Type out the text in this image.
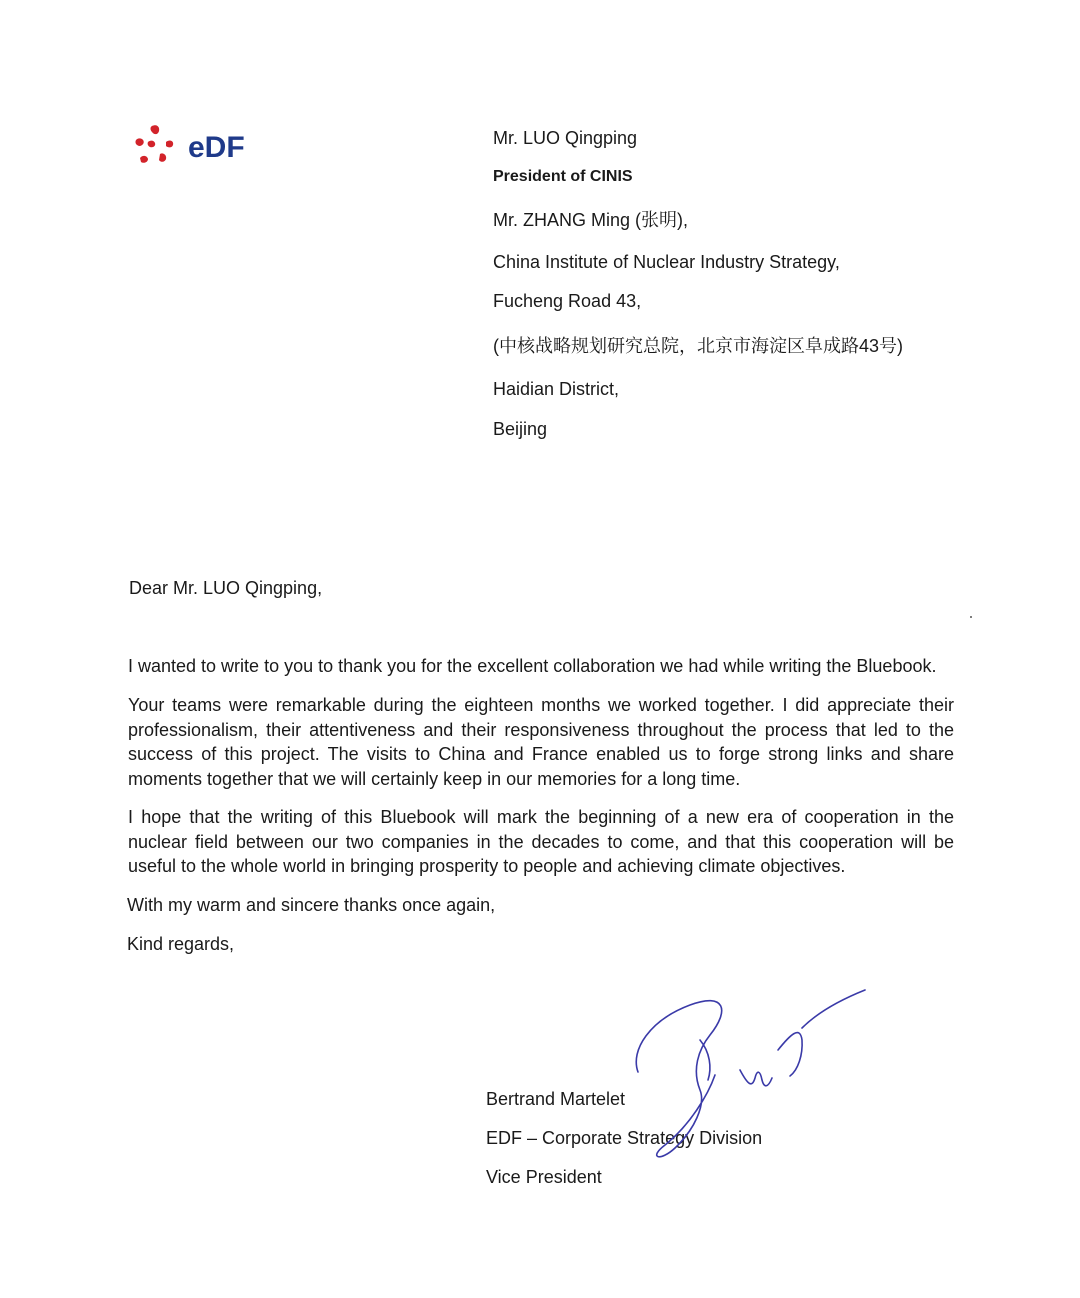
eDF	Mr. LUO Qingping
President of CINIS
Mr. ZHANG Ming (张明),
China Institute of Nuclear Industry Strategy,
Fucheng Road 43,
(中核战略规划研究总院，北京市海淀区阜成路43号)
Haidian District,
Beijing
Dear Mr. LUO Qingping,

I wanted to write to you to thank you for the excellent collaboration we had while writing the Bluebook.

Your teams were remarkable during the eighteen months we worked together. I did appreciate their professionalism, their attentiveness and their responsiveness throughout the process that led to the success of this project. The visits to China and France enabled us to forge strong links and share moments together that we will certainly keep in our memories for a long time.

I hope that the writing of this Bluebook will mark the beginning of a new era of cooperation in the nuclear field between our two companies in the decades to come, and that this cooperation will be useful to the whole world in bringing prosperity to people and achieving climate objectives.

With my warm and sincere thanks once again,
Kind regards,
Bertrand Martelet
EDF – Corporate Strategy Division
Vice President
